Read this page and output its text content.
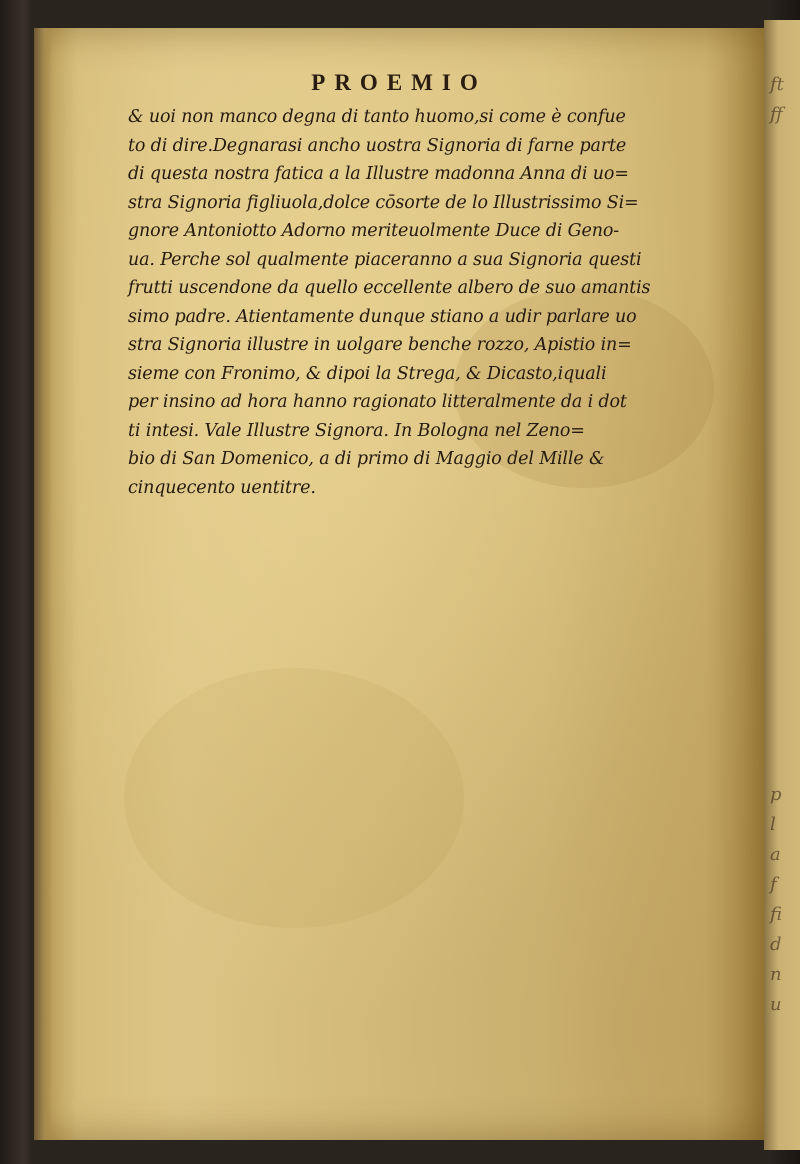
PROEMIO
& uoi non manco degna di tanto huomo,si come è confue
to di dire.Degnarasi ancho uostra Signoria di farne parte
di questa nostra fatica a la Illustre madonna Anna di uo=
stra Signoria figliuola,dolce cōsorte de lo Illustrissimo Si=
gnore Antoniotto Adorno meriteuolmente Duce di Geno-
ua. Perche sol qualmente piaceranno a sua Signoria questi
frutti uscendone da quello eccellente albero de suo amantis
simo padre. Atientamente dunque stiano a udir parlare uo
stra Signoria illustre in uolgare benche rozzo, Apistio in=
sieme con Fronimo, & dipoi la Strega, & Dicasto,iquali
per insino ad hora hanno ragionato litteralmente da i dot
ti intesi. Vale Illustre Signora. In Bologna nel Zeno=
bio di San Domenico, a di primo di Maggio del Mille &
cinquecento uentitre.
ft
ff
p
l
a
f
fi
d
n
u
